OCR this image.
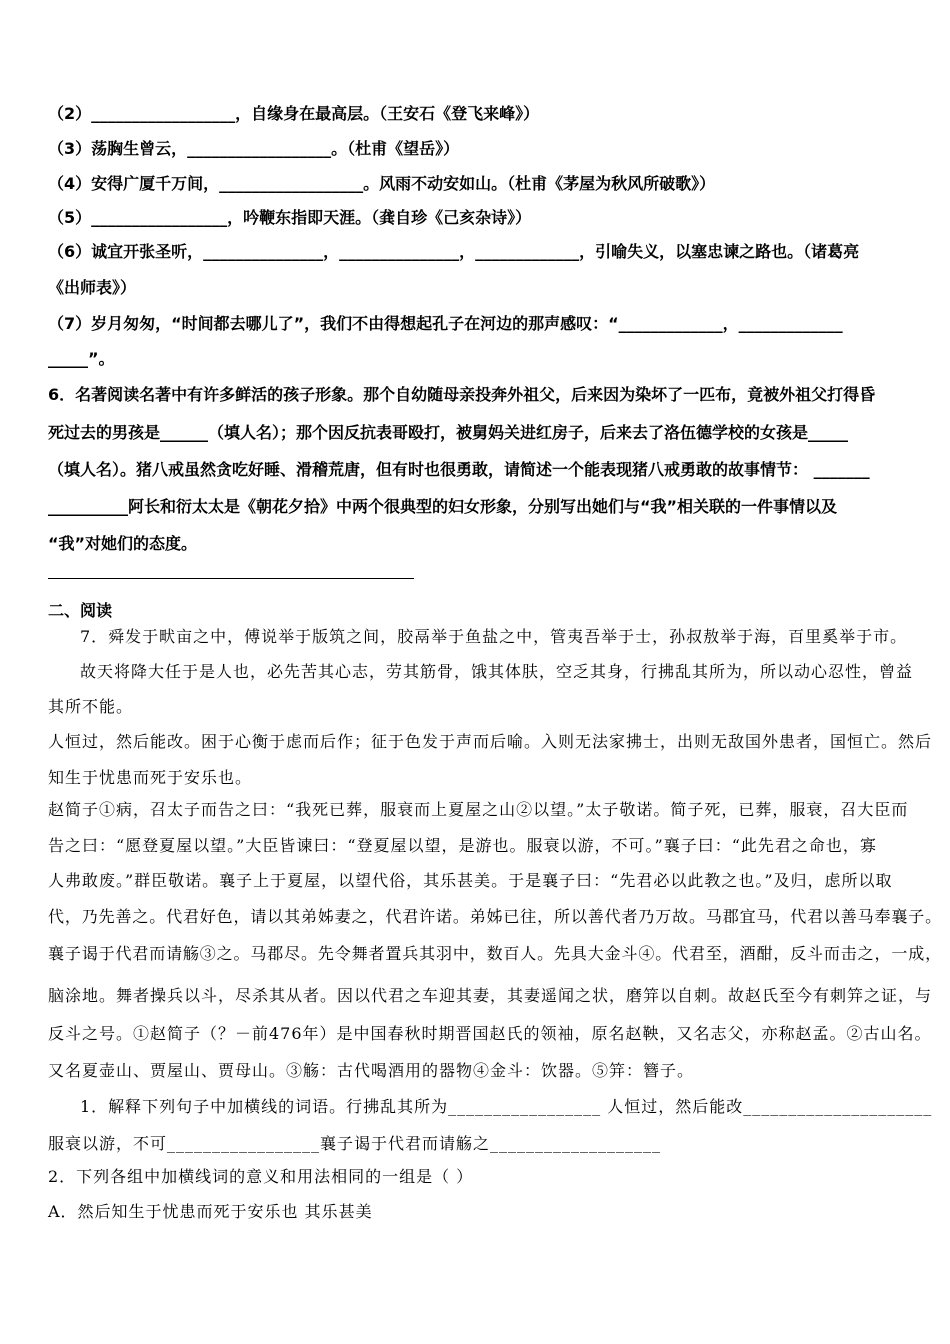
（2）__________________，自缘身在最高层。（王安石《登飞来峰》）
（3）荡胸生曾云，__________________。（杜甫《望岳》）
（4）安得广厦千万间，__________________。风雨不动安如山。（杜甫《茅屋为秋风所破歌》）
（5）_________________，吟鞭东指即天涯。（龚自珍《己亥杂诗》）
（6）诚宜开张圣听，_______________，_______________，_____________，引喻失义，以塞忠谏之路也。（诸葛亮
《出师表》）
（7）岁月匆匆，“时间都去哪儿了”，我们不由得想起孔子在河边的那声感叹：“_____________，_____________
_____”。
6．名著阅读名著中有许多鲜活的孩子形象。那个自幼随母亲投奔外祖父，后来因为染坏了一匹布，竟被外祖父打得昏
死过去的男孩是______（填人名）；那个因反抗表哥殴打，被舅妈关进红房子，后来去了洛伍德学校的女孩是_____
（填人名）。猪八戒虽然贪吃好睡、滑稽荒唐，但有时也很勇敢，请简述一个能表现猪八戒勇敢的故事情节： _______
__________阿长和衍太太是《朝花夕拾》中两个很典型的妇女形象，分别写出她们与“我”相关联的一件事情以及
“我”对她们的态度。
二、阅读
7．舜发于畎亩之中，傅说举于版筑之间，胶鬲举于鱼盐之中，管夷吾举于士，孙叔敖举于海，百里奚举于市。
故天将降大任于是人也，必先苦其心志，劳其筋骨，饿其体肤，空乏其身，行拂乱其所为，所以动心忍性，曾益
其所不能。
人恒过，然后能改。困于心衡于虑而后作；征于色发于声而后喻。入则无法家拂士，出则无敌国外患者，国恒亡。然后
知生于忧患而死于安乐也。
赵简子①病，召太子而告之曰：“我死已葬，服衰而上夏屋之山②以望。”太子敬诺。简子死，已葬，服衰，召大臣而
告之曰：“愿登夏屋以望。”大臣皆谏曰：“登夏屋以望，是游也。服衰以游，不可。”襄子曰：“此先君之命也，寡
人弗敢废。”群臣敬诺。襄子上于夏屋，以望代俗，其乐甚美。于是襄子曰：“先君必以此教之也。”及归，虑所以取
代，乃先善之。代君好色，请以其弟姊妻之，代君许诺。弟姊已往，所以善代者乃万故。马郡宜马，代君以善马奉襄子。
襄子谒于代君而请觞③之。马郡尽。先令舞者置兵其羽中，数百人。先具大金斗④。代君至，酒酣，反斗而击之，一成，
脑涂地。舞者操兵以斗，尽杀其从者。因以代君之车迎其妻，其妻遥闻之状，磨笄以自刺。故赵氏至今有刺笄之证，与
反斗之号。①赵简子（？－前476年）是中国春秋时期晋国赵氏的领袖，原名赵鞅，又名志父，亦称赵孟。②古山名。
又名夏壶山、贾屋山、贾母山。③觞：古代喝酒用的器物④金斗：饮器。⑤笄：簪子。
1．解释下列句子中加横线的词语。行拂乱其所为_________________ 人恒过，然后能改_____________________
服衰以游，不可_________________襄子谒于代君而请觞之___________________
2．下列各组中加横线词的意义和用法相同的一组是（ ）
A．然后知生于忧患而死于安乐也 其乐甚美
